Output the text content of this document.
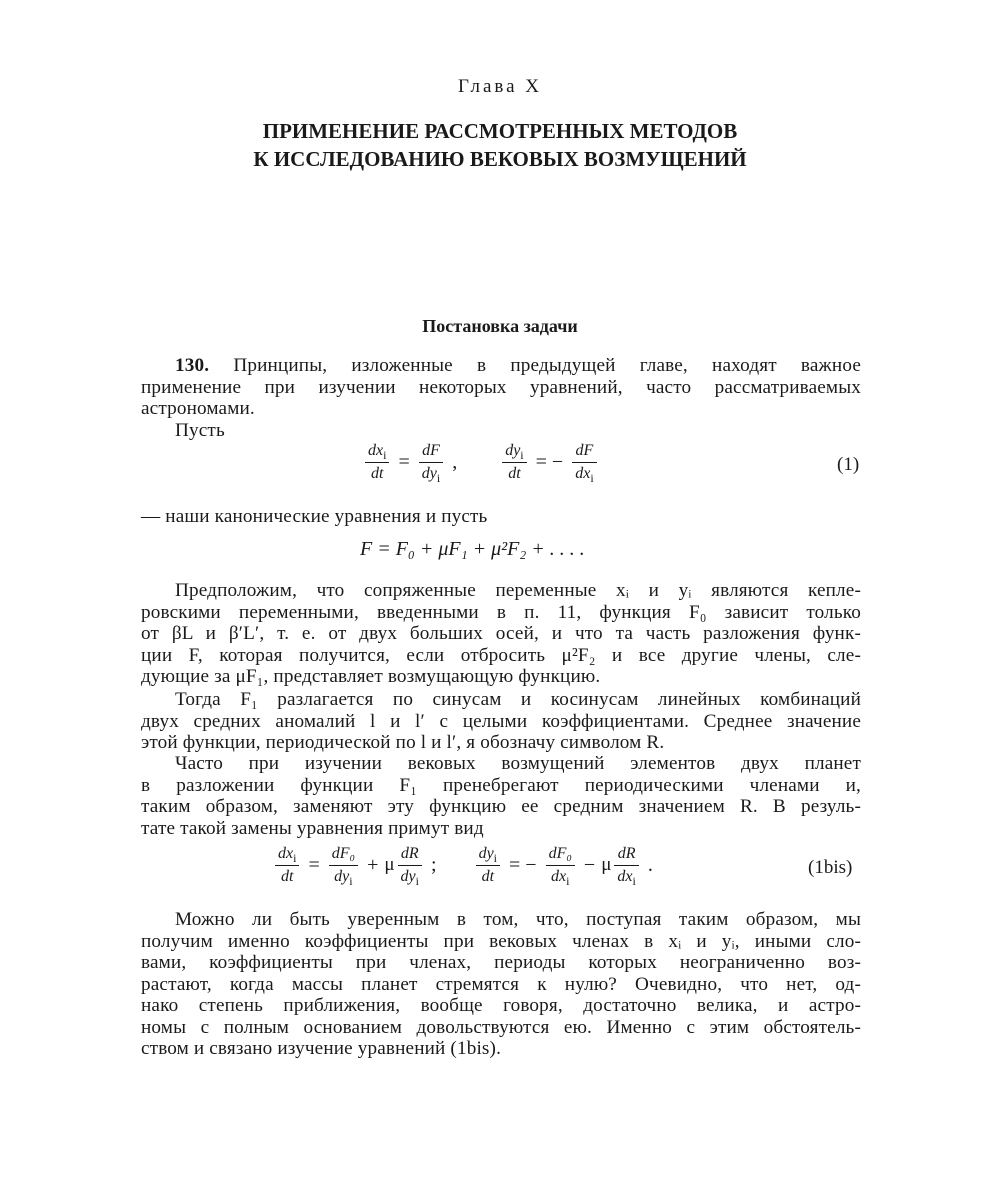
Глава X
ПРИМЕНЕНИЕ РАССМОТРЕННЫХ МЕТОДОВ
К ИССЛЕДОВАНИЮ ВЕКОВЫХ ВОЗМУЩЕНИЙ
Постановка задачи
130. Принципы, изложенные в предыдущей главе, находят важное
применение при изучении некоторых уравнений, часто рассматриваемых
астрономами.
Пусть
$\frac{dx_i}{dt} = \frac{dF}{dy_i}$ ,	$\frac{dy_i}{dt}$ = − $\frac{dF}{dx_i}$	(1)
— наши канонические уравнения и пусть
F = F₀ + μF₁ + μ²F₂ + . . . .
Предположим, что сопряженные переменные xᵢ и yᵢ являются кепле-
ровскими переменными, введенными в п. 11, функция F₀ зависит только
от βL и β′L′, т. е. от двух больших осей, и что та часть разложения функ-
ции F, которая получится, если отбросить μ²F₂ и все другие члены, сле-
дующие за μF₁, представляет возмущающую функцию.
Тогда F₁ разлагается по синусам и косинусам линейных комбинаций
двух средних аномалий l и l′ с целыми коэффициентами. Среднее значение
этой функции, периодической по l и l′, я обозначу символом R.
Часто при изучении вековых возмущений элементов двух планет
в разложении функции F₁ пренебрегают периодическими членами и,
таким образом, заменяют эту функцию ее средним значением R. В резуль-
тате такой замены уравнения примут вид
$\frac{dx_i}{dt} = \frac{\text{dF₀}}{dy_i} + \mu \frac{dR}{dy_i}$ ; $\frac{dy_i}{dt}$ = − $\frac{\text{dF₀}}{dx_i} - \mu \frac{dR}{dx_i}$ .	(1bis)
Можно ли быть уверенным в том, что, поступая таким образом, мы
получим именно коэффициенты при вековых членах в xᵢ и yᵢ, иными сло-
вами, коэффициенты при членах, периоды которых неограниченно воз-
растают, когда массы планет стремятся к нулю? Очевидно, что нет, од-
нако степень приближения, вообще говоря, достаточно велика, и астро-
номы с полным основанием довольствуются ею. Именно с этим обстоятель-
ством и связано изучение уравнений (1bis).
